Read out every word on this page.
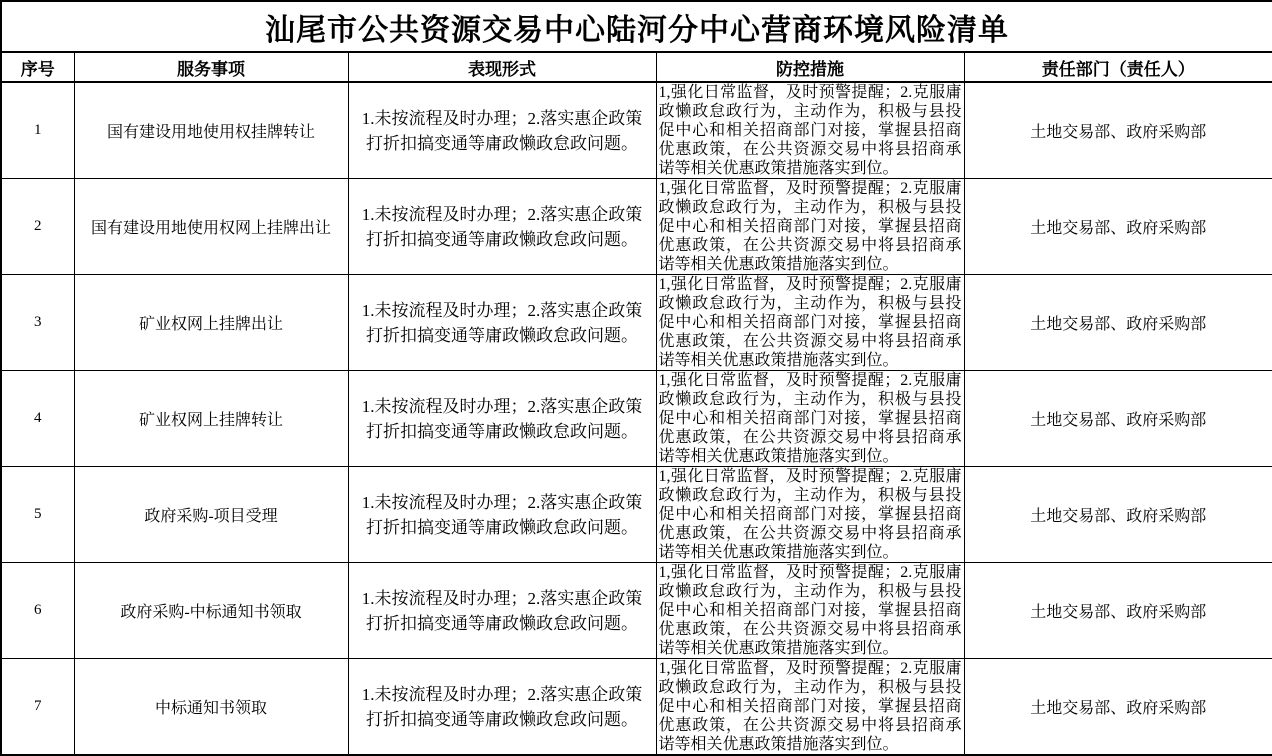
汕尾市公共资源交易中心陆河分中心营商环境风险清单				
序号	服务事项	表现形式	防控措施	责任部门（责任人）
1	国有建设用地使用权挂牌转让	1.未按流程及时办理；2.落实惠企政策打折扣搞变通等庸政懒政怠政问题。	1,强化日常监督，及时预警提醒；2.克服庸政懒政怠政行为，主动作为，积极与县投促中心和相关招商部门对接，掌握县招商优惠政策，在公共资源交易中将县招商承诺等相关优惠政策措施落实到位。	土地交易部、政府采购部
2	国有建设用地使用权网上挂牌出让	1.未按流程及时办理；2.落实惠企政策打折扣搞变通等庸政懒政怠政问题。	1,强化日常监督，及时预警提醒；2.克服庸政懒政怠政行为，主动作为，积极与县投促中心和相关招商部门对接，掌握县招商优惠政策，在公共资源交易中将县招商承诺等相关优惠政策措施落实到位。	土地交易部、政府采购部
3	矿业权网上挂牌出让	1.未按流程及时办理；2.落实惠企政策打折扣搞变通等庸政懒政怠政问题。	1,强化日常监督，及时预警提醒；2.克服庸政懒政怠政行为，主动作为，积极与县投促中心和相关招商部门对接，掌握县招商优惠政策，在公共资源交易中将县招商承诺等相关优惠政策措施落实到位。	土地交易部、政府采购部
4	矿业权网上挂牌转让	1.未按流程及时办理；2.落实惠企政策打折扣搞变通等庸政懒政怠政问题。	1,强化日常监督，及时预警提醒；2.克服庸政懒政怠政行为，主动作为，积极与县投促中心和相关招商部门对接，掌握县招商优惠政策，在公共资源交易中将县招商承诺等相关优惠政策措施落实到位。	土地交易部、政府采购部
5	政府采购-项目受理	1.未按流程及时办理；2.落实惠企政策打折扣搞变通等庸政懒政怠政问题。	1,强化日常监督，及时预警提醒；2.克服庸政懒政怠政行为，主动作为，积极与县投促中心和相关招商部门对接，掌握县招商优惠政策，在公共资源交易中将县招商承诺等相关优惠政策措施落实到位。	土地交易部、政府采购部
6	政府采购-中标通知书领取	1.未按流程及时办理；2.落实惠企政策打折扣搞变通等庸政懒政怠政问题。	1,强化日常监督，及时预警提醒；2.克服庸政懒政怠政行为，主动作为，积极与县投促中心和相关招商部门对接，掌握县招商优惠政策，在公共资源交易中将县招商承诺等相关优惠政策措施落实到位。	土地交易部、政府采购部
7	中标通知书领取	1.未按流程及时办理；2.落实惠企政策打折扣搞变通等庸政懒政怠政问题。	1,强化日常监督，及时预警提醒；2.克服庸政懒政怠政行为，主动作为，积极与县投促中心和相关招商部门对接，掌握县招商优惠政策，在公共资源交易中将县招商承诺等相关优惠政策措施落实到位。	土地交易部、政府采购部
